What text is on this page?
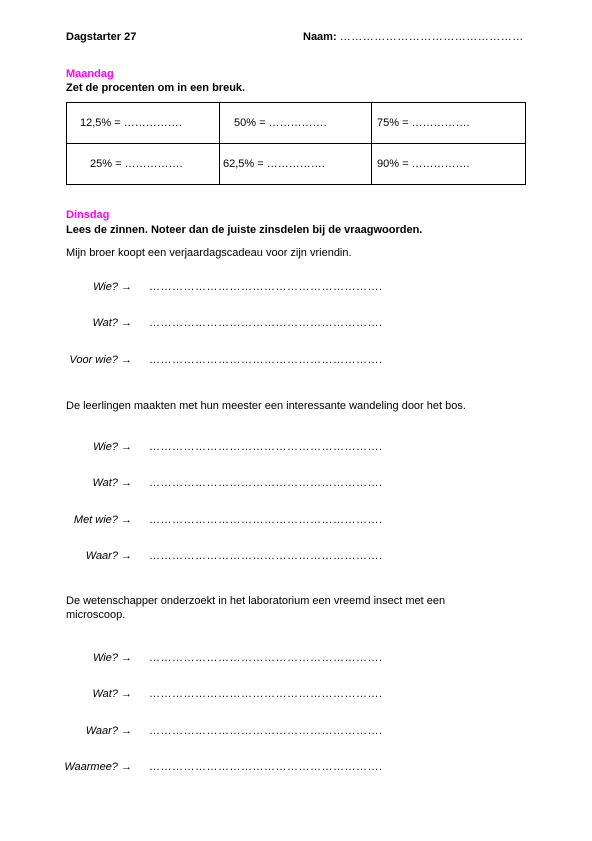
Dagstarter 27	Naam: …………………………………………
Maandag
Zet de procenten om in een breuk.
12,5% = …………….	50% = …………….	75% = …………….
25% = …………….	62,5% = …………….	90% = …………….
Dinsdag
Lees de zinnen. Noteer dan de juiste zinsdelen bij de vraagwoorden.
Mijn broer koopt een verjaardagscadeau voor zijn vriendin.
Wie? → …………………………………………………….
Wat? → …………………………………………………….
Voor wie? → …………………………………………………….
De leerlingen maakten met hun meester een interessante wandeling door het bos.
Wie? → …………………………………………………….
Wat? → …………………………………………………….
Met wie? → …………………………………………………….
Waar? → …………………………………………………….
De wetenschapper onderzoekt in het laboratorium een vreemd insect met een
microscoop.
Wie? → …………………………………………………….
Wat? → …………………………………………………….
Waar? → …………………………………………………….
Waarmee? → …………………………………………………….
